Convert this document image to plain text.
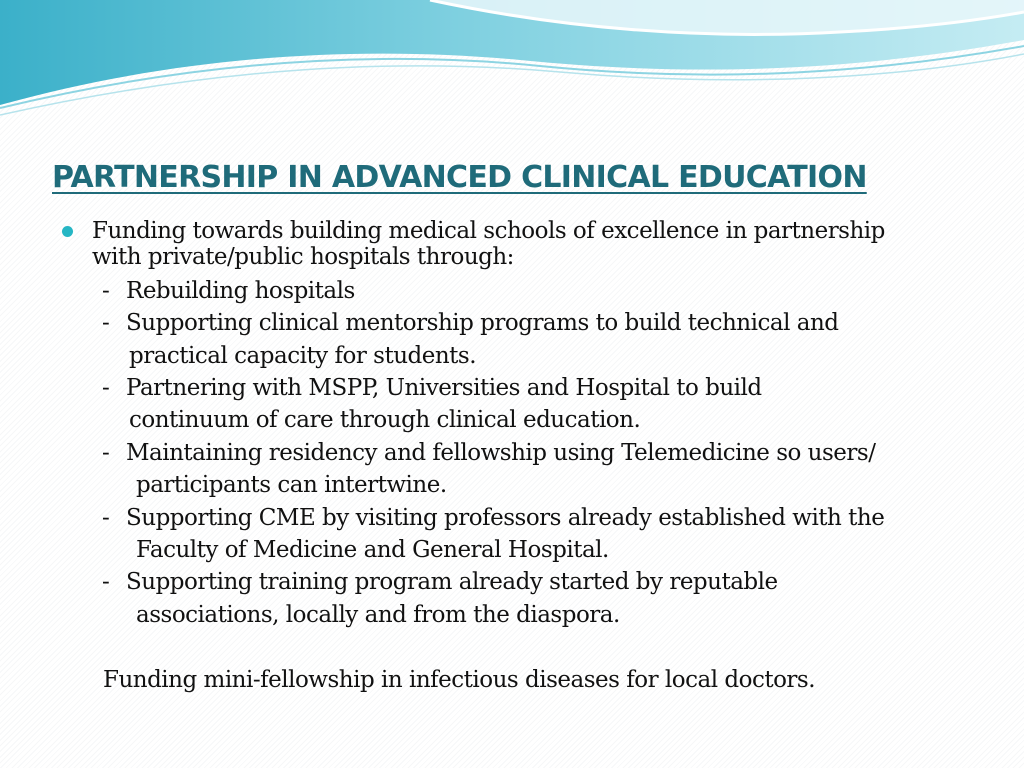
PARTNERSHIP IN ADVANCED CLINICAL EDUCATION
Funding towards building medical schools of excellence in partnership
with private/public hospitals through:
- Rebuilding hospitals
- Supporting clinical mentorship programs to build technical and
practical capacity for students.
- Partnering with MSPP, Universities and Hospital to build
continuum of care through clinical education.
- Maintaining residency and fellowship using Telemedicine so users/
participants can intertwine.
- Supporting CME by visiting professors already established with the
Faculty of Medicine and General Hospital.
- Supporting training program already started by reputable
associations, locally and from the diaspora.
Funding mini-fellowship in infectious diseases for local doctors.
